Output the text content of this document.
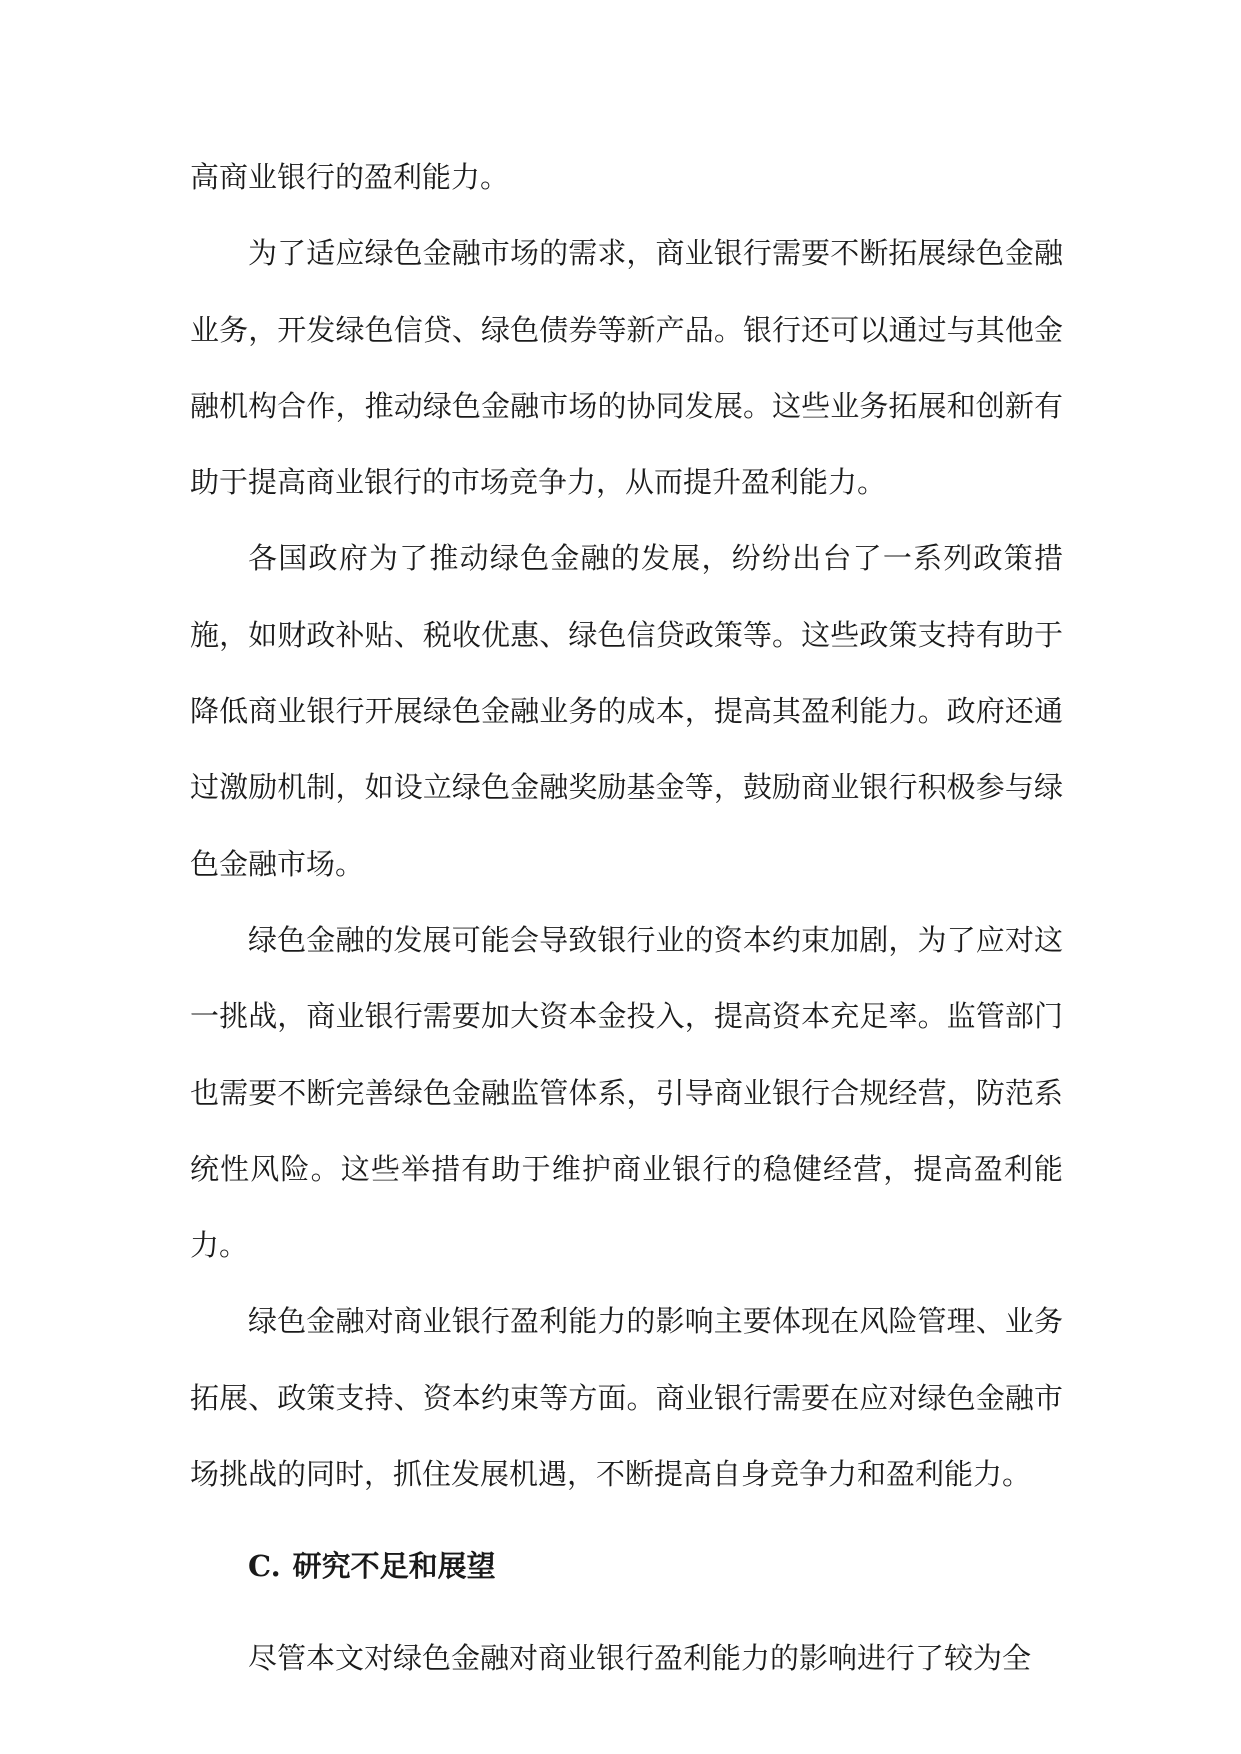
高商业银行的盈利能力。

为了适应绿色金融市场的需求，商业银行需要不断拓展绿色金融业务，开发绿色信贷、绿色债券等新产品。银行还可以通过与其他金融机构合作，推动绿色金融市场的协同发展。这些业务拓展和创新有助于提高商业银行的市场竞争力，从而提升盈利能力。

各国政府为了推动绿色金融的发展，纷纷出台了一系列政策措施，如财政补贴、税收优惠、绿色信贷政策等。这些政策支持有助于降低商业银行开展绿色金融业务的成本，提高其盈利能力。政府还通过激励机制，如设立绿色金融奖励基金等，鼓励商业银行积极参与绿色金融市场。

绿色金融的发展可能会导致银行业的资本约束加剧，为了应对这一挑战，商业银行需要加大资本金投入，提高资本充足率。监管部门也需要不断完善绿色金融监管体系，引导商业银行合规经营，防范系统性风险。这些举措有助于维护商业银行的稳健经营，提高盈利能力。

绿色金融对商业银行盈利能力的影响主要体现在风险管理、业务拓展、政策支持、资本约束等方面。商业银行需要在应对绿色金融市场挑战的同时，抓住发展机遇，不断提高自身竞争力和盈利能力。

C. 研究不足和展望

尽管本文对绿色金融对商业银行盈利能力的影响进行了较为全
